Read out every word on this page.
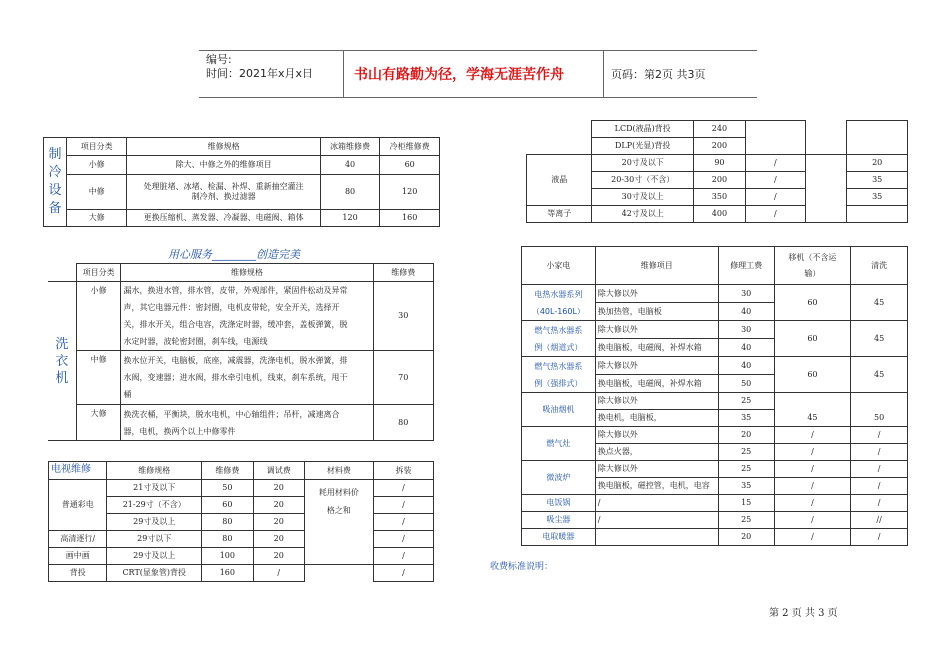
编号:
时间：2021年x月x日	书山有路勤为径，学海无涯苦作舟	页码：第2页 共3页
制
冷
设
备	项目分类	维修规格	冰箱维修费	冷柜维修费
	小修	除大、中修之外的维修项目	40	60
	中修	处理脏堵、冰堵、检漏、补焊、重新抽空灌注
制冷剂、换过滤器	80	120
	大修	更换压缩机、蒸发器、冷凝器、电磁阀、箱体	120	160
用心服务________创造完美
	项目分类	维修规格	维修费

洗
衣
机	小修	漏水，换进水管，排水管，皮带，外观部件，紧固件松动及异常
声，其它电器元件：密封圈，电机皮带轮，安全开关，选择开
关，排水开关，组合电容，洗涤定时器，缓冲套，盖板弹簧，脱
水定时器，波轮密封圈，刹车线，电源线	30
	中修	换水位开关，电脑板，底座，减震器，洗涤电机，脱水弹簧，排
水阀，变速器；进水阀，排水牵引电机，线束，刹车系统，甩干
桶	70
	大修	换洗衣桶，平衡块，脱水电机，中心轴组件；吊杆，减速离合
器，电机，换两个以上中修零件	80
电视维修	维修规格	维修费	调试费	材料费	拆装
普通彩电	21寸及以下	50	20	耗用材料价
格之和	/
	21-29寸（不含）	60	20		/
	29寸及以上	80	20		/
高清逐行/	29寸以下	80	20		/
画中画	29寸及以上	100	20		/
背投	CRT(显象管)背投	160	/		/
	LCD(液晶)背投	240			
	DLP(光显)背投	200			
液晶	20寸及以下	90	/		20
	20-30寸（不含）	200	/		35
	30寸及以上	350	/		35
等离子	42寸及以上	400	/		
小家电	维修项目	修理工费	移机（不含运
输）	清洗
电热水器系列
（40L-160L）	除大修以外	30	60	45
	换加热管，电脑板	40		
燃气热水器系
例（烟道式）	除大修以外	30	60	45
	换电脑板，电磁阀，补焊水箱	40		
燃气热水器系
例（强排式）	除大修以外	40	60	45
	换电脑板，电磁阀，补焊水箱	50		
吸油烟机	除大修以外	25	45	50
	换电机，电脑板，	35		
燃气灶	除大修以外	20	/	/
	换点火器，	25	/	/
微波炉	除大修以外	25	/	/
	换电脑板，磁控管，电机，电容	35	/	/
电饭锅	/	15	/	/
吸尘器	/	25	/	//
电取暖器		20	/	/
收费标准说明：
第 2 页 共 3 页
